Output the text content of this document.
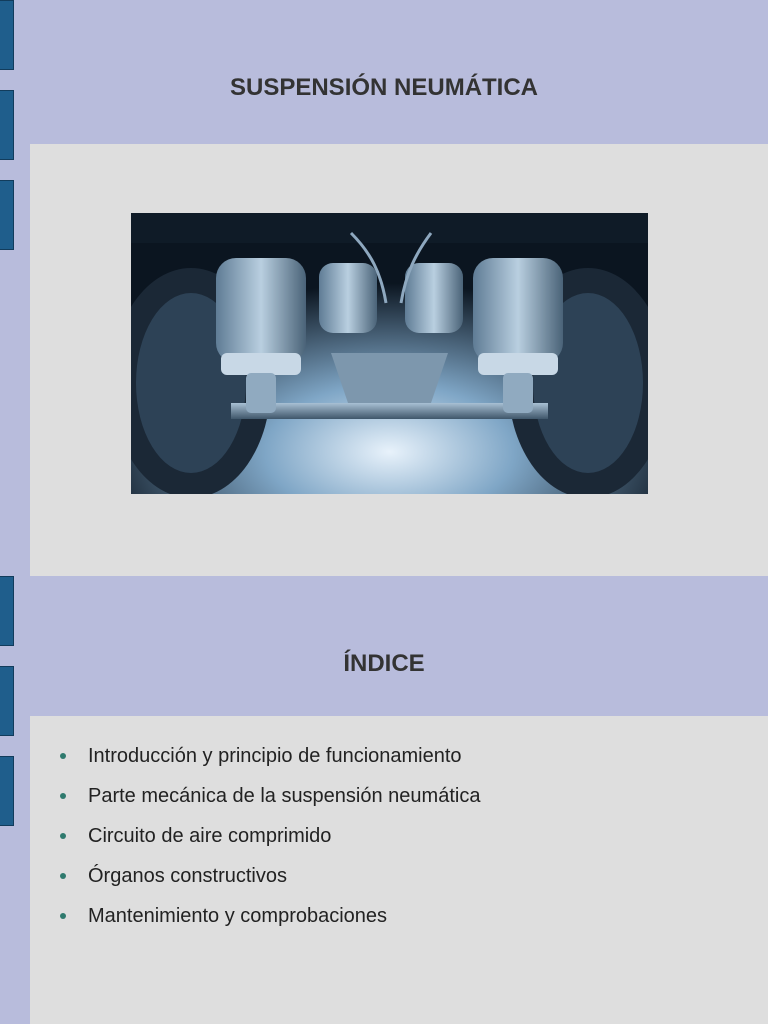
SUSPENSIÓN NEUMÁTICA
ÍNDICE
Introducción y principio de funcionamiento
Parte mecánica de la suspensión neumática
Circuito de aire comprimido
Órganos constructivos
Mantenimiento y comprobaciones
